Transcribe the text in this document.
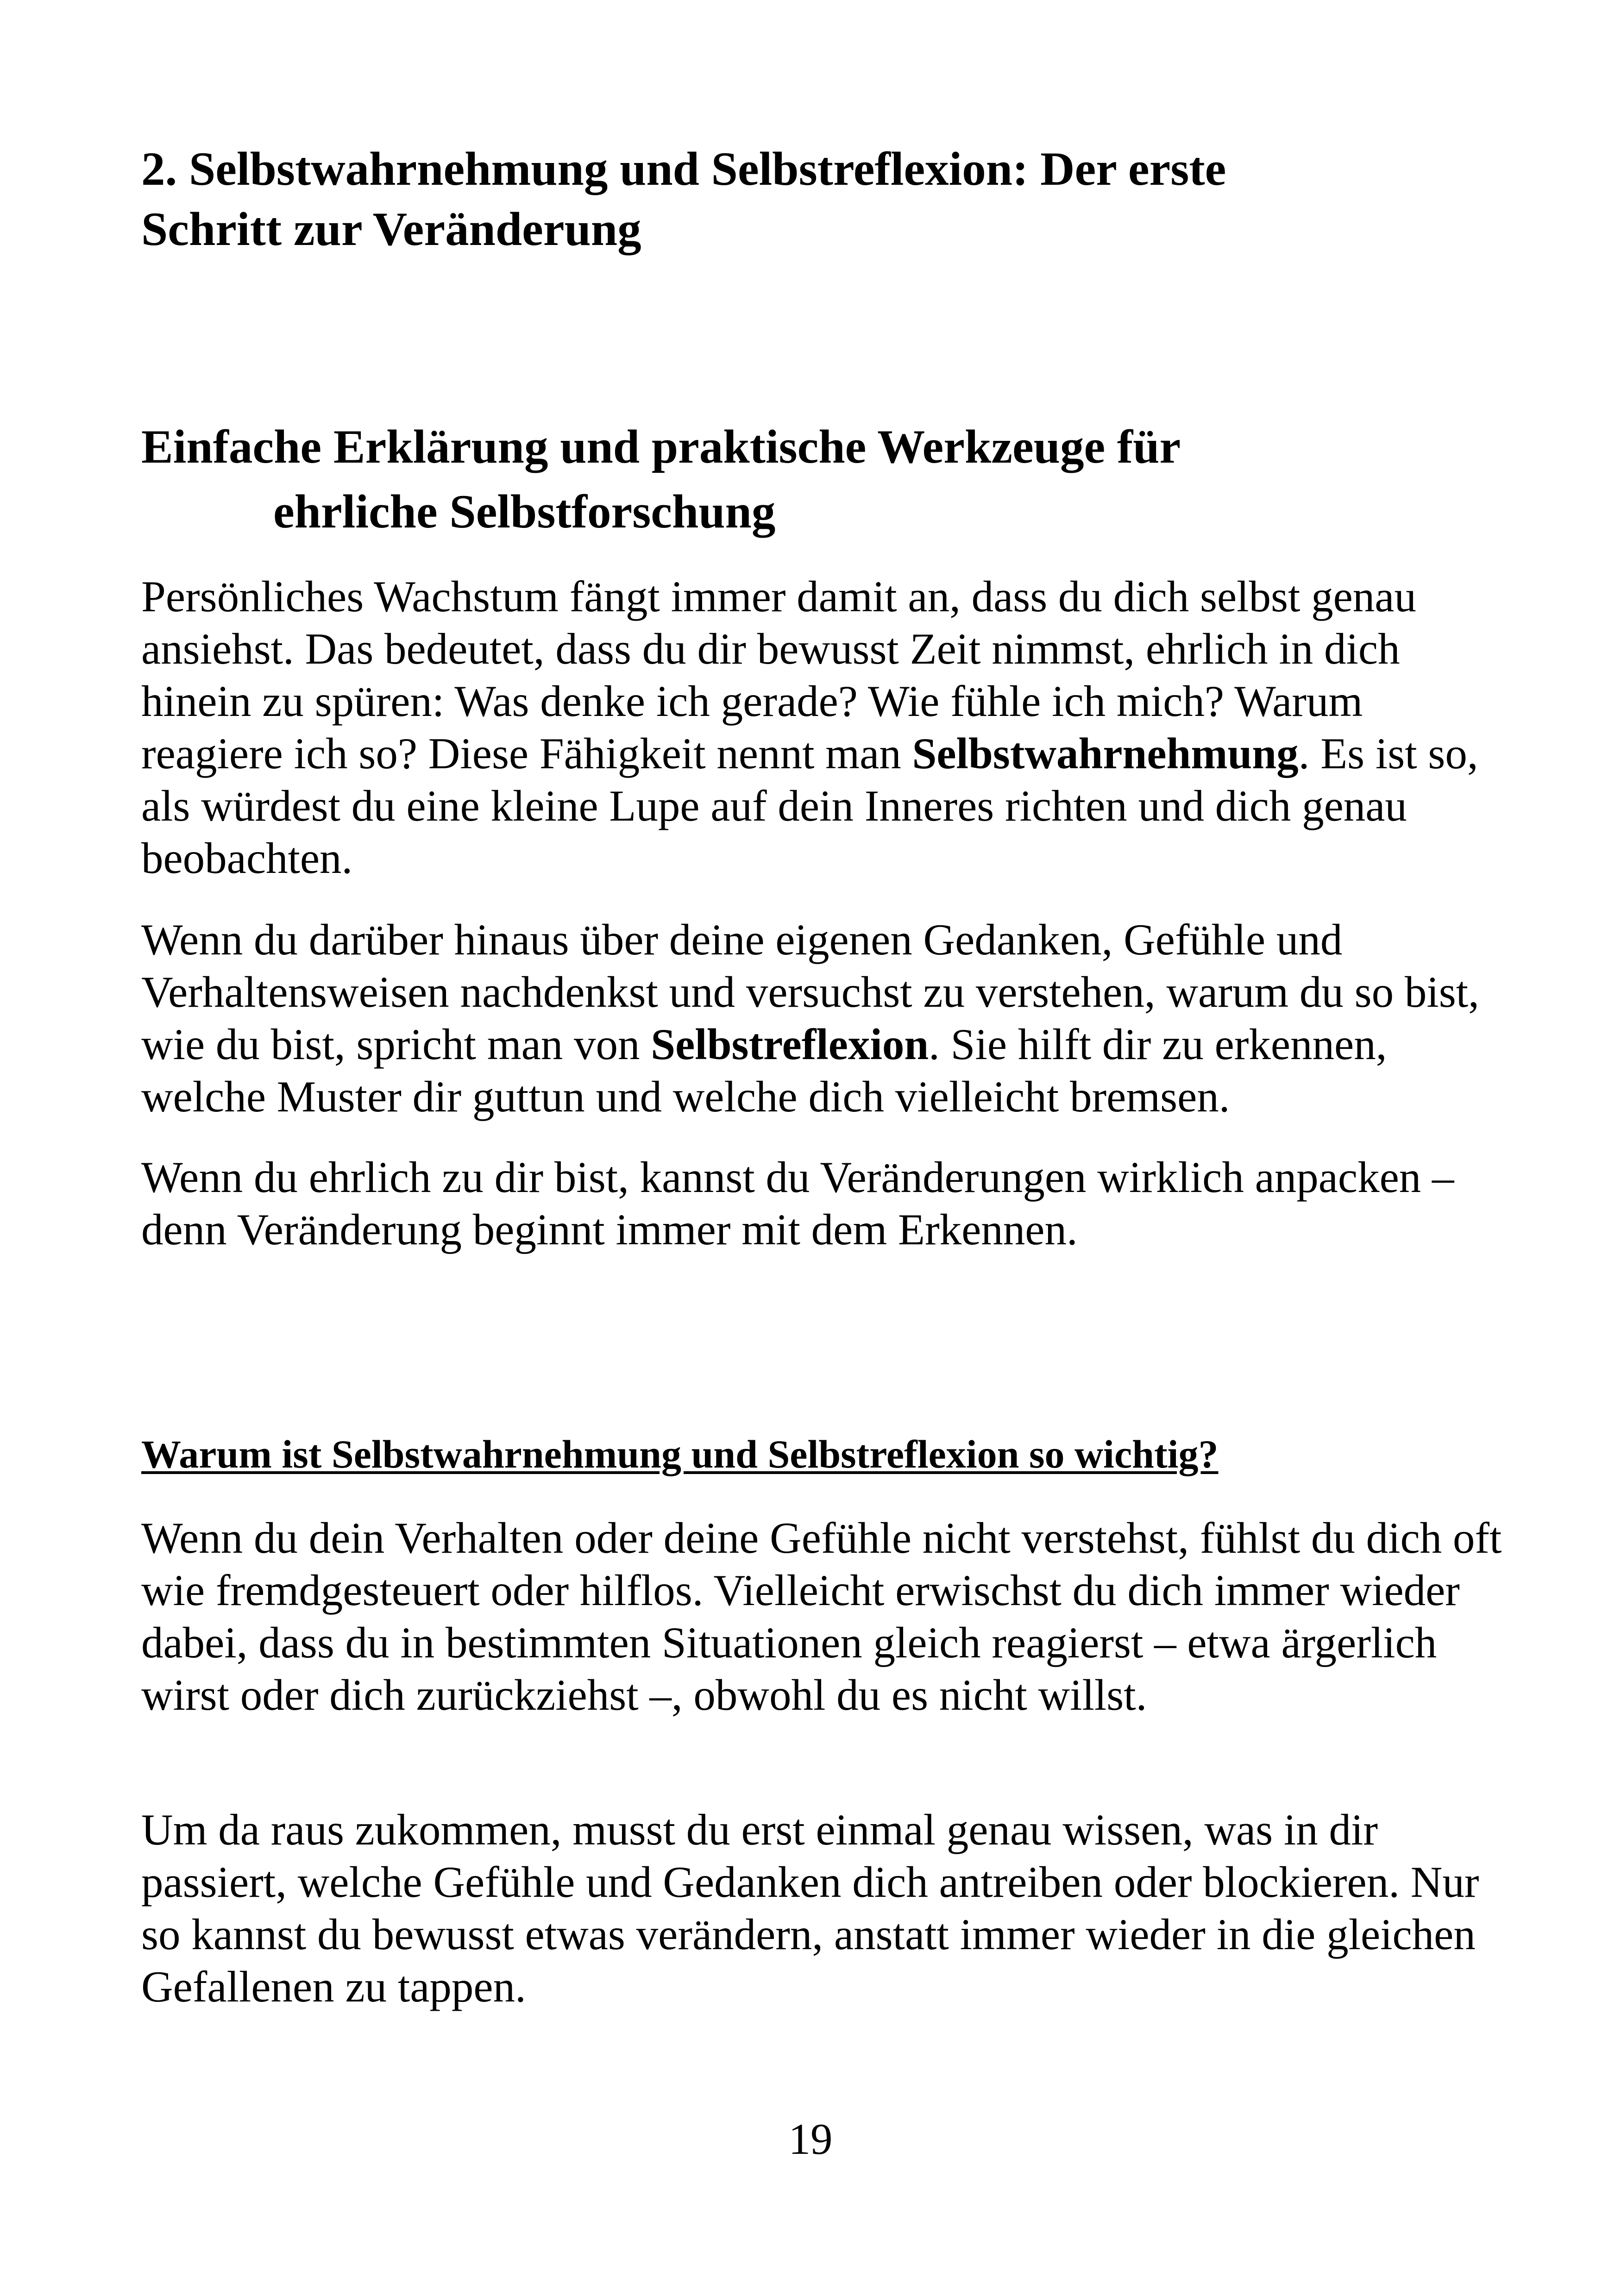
2. Selbstwahrnehmung und Selbstreflexion: Der erste
Schritt zur Veränderung
Einfache Erklärung und praktische Werkzeuge für
ehrliche Selbstforschung

Persönliches Wachstum fängt immer damit an, dass du dich selbst genau ansiehst. Das bedeutet, dass du dir bewusst Zeit nimmst, ehrlich in dich hinein zu spüren: Was denke ich gerade? Wie fühle ich mich? Warum reagiere ich so? Diese Fähigkeit nennt man Selbstwahrnehmung. Es ist so, als würdest du eine kleine Lupe auf dein Inneres richten und dich genau beobachten.

Wenn du darüber hinaus über deine eigenen Gedanken, Gefühle und Verhaltensweisen nachdenkst und versuchst zu verstehen, warum du so bist, wie du bist, spricht man von Selbstreflexion. Sie hilft dir zu erkennen, welche Muster dir guttun und welche dich vielleicht bremsen.

Wenn du ehrlich zu dir bist, kannst du Veränderungen wirklich anpacken – denn Veränderung beginnt immer mit dem Erkennen.

Warum ist Selbstwahrnehmung und Selbstreflexion so wichtig?

Wenn du dein Verhalten oder deine Gefühle nicht verstehst, fühlst du dich oft wie fremdgesteuert oder hilflos. Vielleicht erwischst du dich immer wieder dabei, dass du in bestimmten Situationen gleich reagierst – etwa ärgerlich wirst oder dich zurückziehst –, obwohl du es nicht willst.

Um da raus zukommen, musst du erst einmal genau wissen, was in dir passiert, welche Gefühle und Gedanken dich antreiben oder blockieren. Nur so kannst du bewusst etwas verändern, anstatt immer wieder in die gleichen Gefallenen zu tappen.

19
